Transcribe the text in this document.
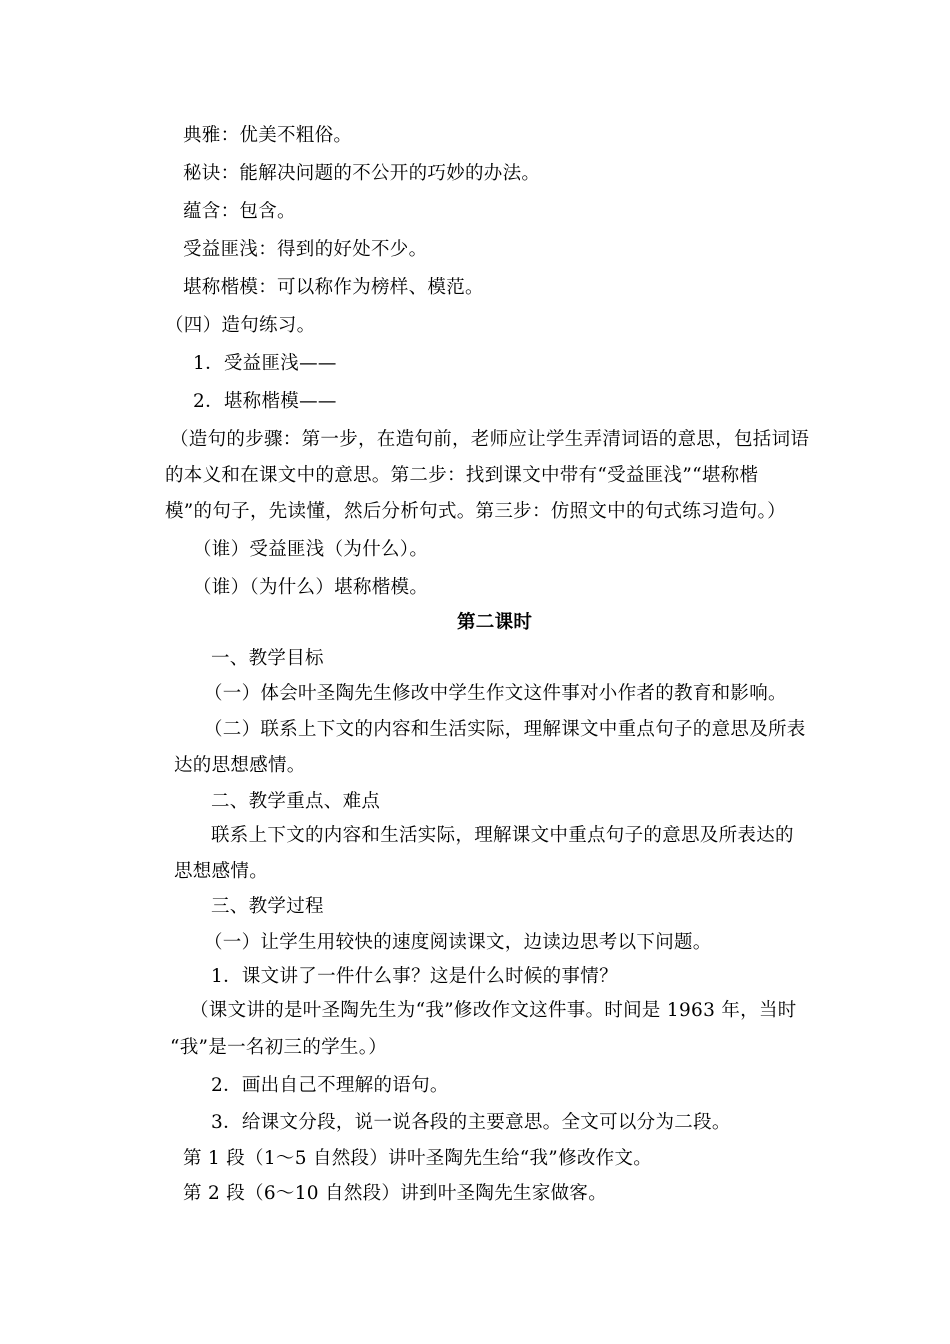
典雅：优美不粗俗。
秘诀：能解决问题的不公开的巧妙的办法。
蕴含：包含。
受益匪浅：得到的好处不少。
堪称楷模：可以称作为榜样、模范。
（四）造句练习。
1．受益匪浅——
2．堪称楷模——
（造句的步骤：第一步，在造句前，老师应让学生弄清词语的意思，包括词语
的本义和在课文中的意思。第二步：找到课文中带有“受益匪浅”“堪称楷
模”的句子，先读懂，然后分析句式。第三步：仿照文中的句式练习造句。）
（谁）受益匪浅（为什么）。
（谁）（为什么）堪称楷模。
第二课时
一、教学目标
（一）体会叶圣陶先生修改中学生作文这件事对小作者的教育和影响。
（二）联系上下文的内容和生活实际，理解课文中重点句子的意思及所表
达的思想感情。
二、教学重点、难点
联系上下文的内容和生活实际，理解课文中重点句子的意思及所表达的
思想感情。
三、教学过程
（一）让学生用较快的速度阅读课文，边读边思考以下问题。
1．课文讲了一件什么事？这是什么时候的事情？
（课文讲的是叶圣陶先生为“我”修改作文这件事。时间是 1963 年，当时
“我”是一名初三的学生。）
2．画出自己不理解的语句。
3．给课文分段，说一说各段的主要意思。全文可以分为二段。
第 1 段（1～5 自然段）讲叶圣陶先生给“我”修改作文。
第 2 段（6～10 自然段）讲到叶圣陶先生家做客。
